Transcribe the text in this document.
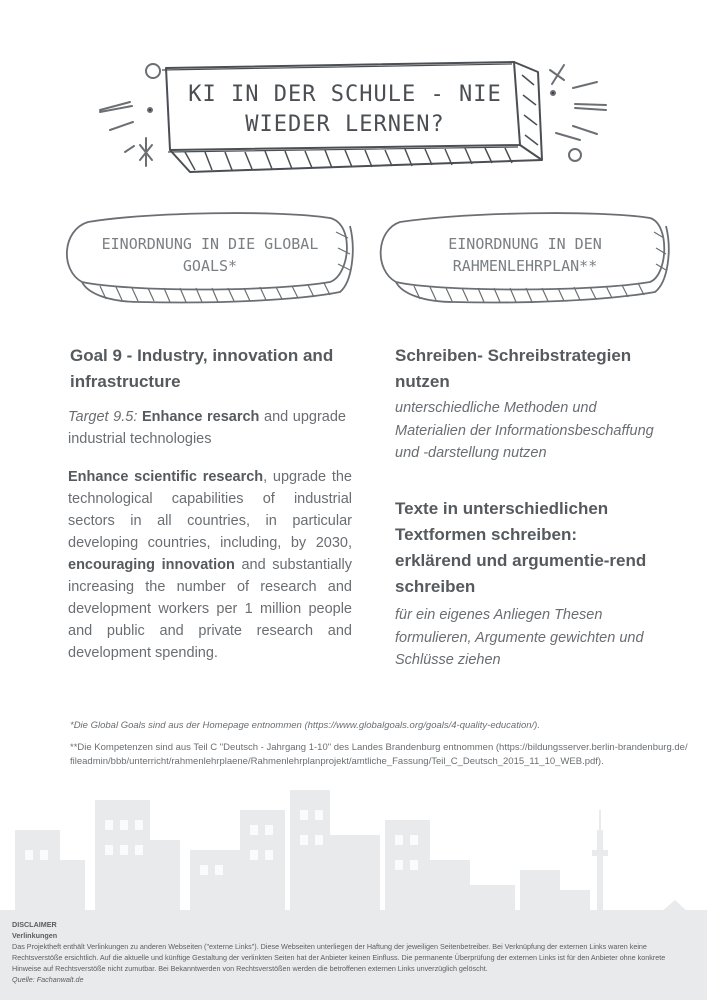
KI IN DER SCHULE - NIE WIEDER LERNEN?
EINORDNUNG IN DIE GLOBAL GOALS*
EINORDNUNG IN DEN RAHMENLEHRPLAN**
Goal 9 - Industry, innovation and infrastructure
Target 9.5: Enhance resarch and upgrade industrial technologies
Enhance scientific research, upgrade the technological capabilities of industrial sectors in all countries, in particular developing countries, including, by 2030, encouraging innovation and substantially increasing the number of research and development workers per 1 million people and public and private research and development spending.
Schreiben- Schreibstrategien nutzen
unterschiedliche Methoden und Materialien der Informationsbeschaffung und -darstellung nutzen
Texte in unterschiedlichen Textformen schreiben: erklärend und argumentie-rend schreiben
für ein eigenes Anliegen Thesen formulieren, Argumente gewichten und Schlüsse ziehen
*Die Global Goals sind aus der Homepage entnommen (https://www.globalgoals.org/goals/4-quality-education/).
**Die Kompetenzen sind aus Teil C "Deutsch - Jahrgang 1-10" des Landes Brandenburg entnommen (https://bildungsserver.berlin-brandenburg.de/fileadmin/bbb/unterricht/rahmenlehrplaene/Rahmenlehrplanprojekt/amtliche_Fassung/Teil_C_Deutsch_2015_11_10_WEB.pdf).
DISCLAIMER
Verlinkungen
Das Projektheft enthält Verlinkungen zu anderen Webseiten ("externe Links"). Diese Webseiten unterliegen der Haftung der jeweiligen Seitenbetreiber. Bei Verknüpfung der externen Links waren keine Rechtsverstöße ersichtlich. Auf die aktuelle und künftige Gestaltung der verlinkten Seiten hat der Anbieter keinen Einfluss. Die permanente Überprüfung der externen Links ist für den Anbieter ohne konkrete Hinweise auf Rechtsverstöße nicht zumutbar. Bei Bekanntwerden von Rechtsverstößen werden die betroffenen externen Links unverzüglich gelöscht.
Quelle: Fachanwalt.de
